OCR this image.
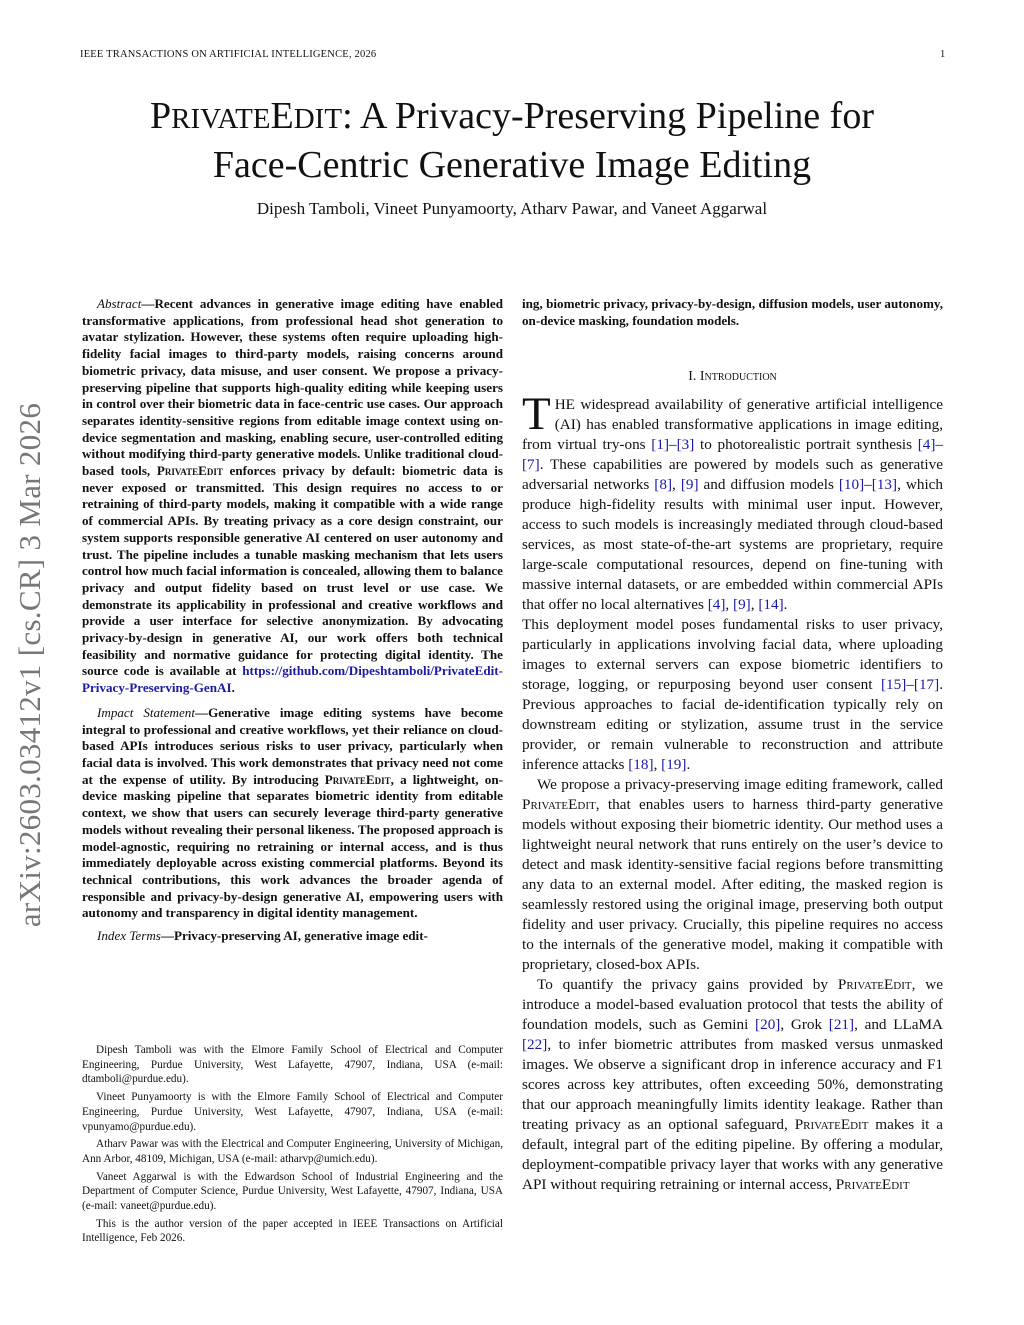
IEEE TRANSACTIONS ON ARTIFICIAL INTELLIGENCE, 2026	1
PRIVATEEDIT: A Privacy-Preserving Pipeline for
Face-Centric Generative Image Editing
Dipesh Tamboli, Vineet Punyamoorty, Atharv Pawar, and Vaneet Aggarwal
arXiv:2603.03412v1 [cs.CR] 3 Mar 2026

Abstract—Recent advances in generative image editing have enabled transformative applications, from professional head shot generation to avatar stylization. However, these systems often require uploading high-fidelity facial images to third-party models, raising concerns around biometric privacy, data misuse, and user consent. We propose a privacy-preserving pipeline that supports high-quality editing while keeping users in control over their biometric data in face-centric use cases. Our approach separates identity-sensitive regions from editable image context using on-device segmentation and masking, enabling secure, user-controlled editing without modifying third-party generative models. Unlike traditional cloud-based tools, PrivateEdit enforces privacy by default: biometric data is never exposed or transmitted. This design requires no access to or retraining of third-party models, making it compatible with a wide range of commercial APIs. By treating privacy as a core design constraint, our system supports responsible generative AI centered on user autonomy and trust. The pipeline includes a tunable masking mechanism that lets users control how much facial information is concealed, allowing them to balance privacy and output fidelity based on trust level or use case. We demonstrate its applicability in professional and creative workflows and provide a user interface for selective anonymization. By advocating privacy-by-design in generative AI, our work offers both technical feasibility and normative guidance for protecting digital identity. The source code is available at https://github.com/Dipeshtamboli/PrivateEdit-Privacy-Preserving-GenAI.

Impact Statement—Generative image editing systems have become integral to professional and creative workflows, yet their reliance on cloud-based APIs introduces serious risks to user privacy, particularly when facial data is involved. This work demonstrates that privacy need not come at the expense of utility. By introducing PrivateEdit, a lightweight, on-device masking pipeline that separates biometric identity from editable context, we show that users can securely leverage third-party generative models without revealing their personal likeness. The proposed approach is model-agnostic, requiring no retraining or internal access, and is thus immediately deployable across existing commercial platforms. Beyond its technical contributions, this work advances the broader agenda of responsible and privacy-by-design generative AI, empowering users with autonomy and transparency in digital identity management.

Index Terms—Privacy-preserving AI, generative image edit-

Dipesh Tamboli was with the Elmore Family School of Electrical and Computer Engineering, Purdue University, West Lafayette, 47907, Indiana, USA (e-mail: dtamboli@purdue.edu).

Vineet Punyamoorty is with the Elmore Family School of Electrical and Computer Engineering, Purdue University, West Lafayette, 47907, Indiana, USA (e-mail: vpunyamo@purdue.edu).

Atharv Pawar was with the Electrical and Computer Engineering, University of Michigan, Ann Arbor, 48109, Michigan, USA (e-mail: atharvp@umich.edu).

Vaneet Aggarwal is with the Edwardson School of Industrial Engineering and the Department of Computer Science, Purdue University, West Lafayette, 47907, Indiana, USA (e-mail: vaneet@purdue.edu).

This is the author version of the paper accepted in IEEE Transactions on Artificial Intelligence, Feb 2026.

ing, biometric privacy, privacy-by-design, diffusion models, user autonomy, on-device masking, foundation models.

I. Introduction

THE widespread availability of generative artificial intelligence (AI) has enabled transformative applications in image editing, from virtual try-ons [1]–[3] to photorealistic portrait synthesis [4]–[7]. These capabilities are powered by models such as generative adversarial networks [8], [9] and diffusion models [10]–[13], which produce high-fidelity results with minimal user input. However, access to such models is increasingly mediated through cloud-based services, as most state-of-the-art systems are proprietary, require large-scale computational resources, depend on fine-tuning with massive internal datasets, or are embedded within commercial APIs that offer no local alternatives [4], [9], [14].

This deployment model poses fundamental risks to user privacy, particularly in applications involving facial data, where uploading images to external servers can expose biometric identifiers to storage, logging, or repurposing beyond user consent [15]–[17]. Previous approaches to facial de-identification typically rely on downstream editing or stylization, assume trust in the service provider, or remain vulnerable to reconstruction and attribute inference attacks [18], [19].

We propose a privacy-preserving image editing framework, called PrivateEdit, that enables users to harness third-party generative models without exposing their biometric identity. Our method uses a lightweight neural network that runs entirely on the user’s device to detect and mask identity-sensitive facial regions before transmitting any data to an external model. After editing, the masked region is seamlessly restored using the original image, preserving both output fidelity and user privacy. Crucially, this pipeline requires no access to the internals of the generative model, making it compatible with proprietary, closed-box APIs.

To quantify the privacy gains provided by PrivateEdit, we introduce a model-based evaluation protocol that tests the ability of foundation models, such as Gemini [20], Grok [21], and LLaMA [22], to infer biometric attributes from masked versus unmasked images. We observe a significant drop in inference accuracy and F1 scores across key attributes, often exceeding 50%, demonstrating that our approach meaningfully limits identity leakage. Rather than treating privacy as an optional safeguard, PrivateEdit makes it a default, integral part of the editing pipeline. By offering a modular, deployment-compatible privacy layer that works with any generative API without requiring retraining or internal access, PrivateEdit
